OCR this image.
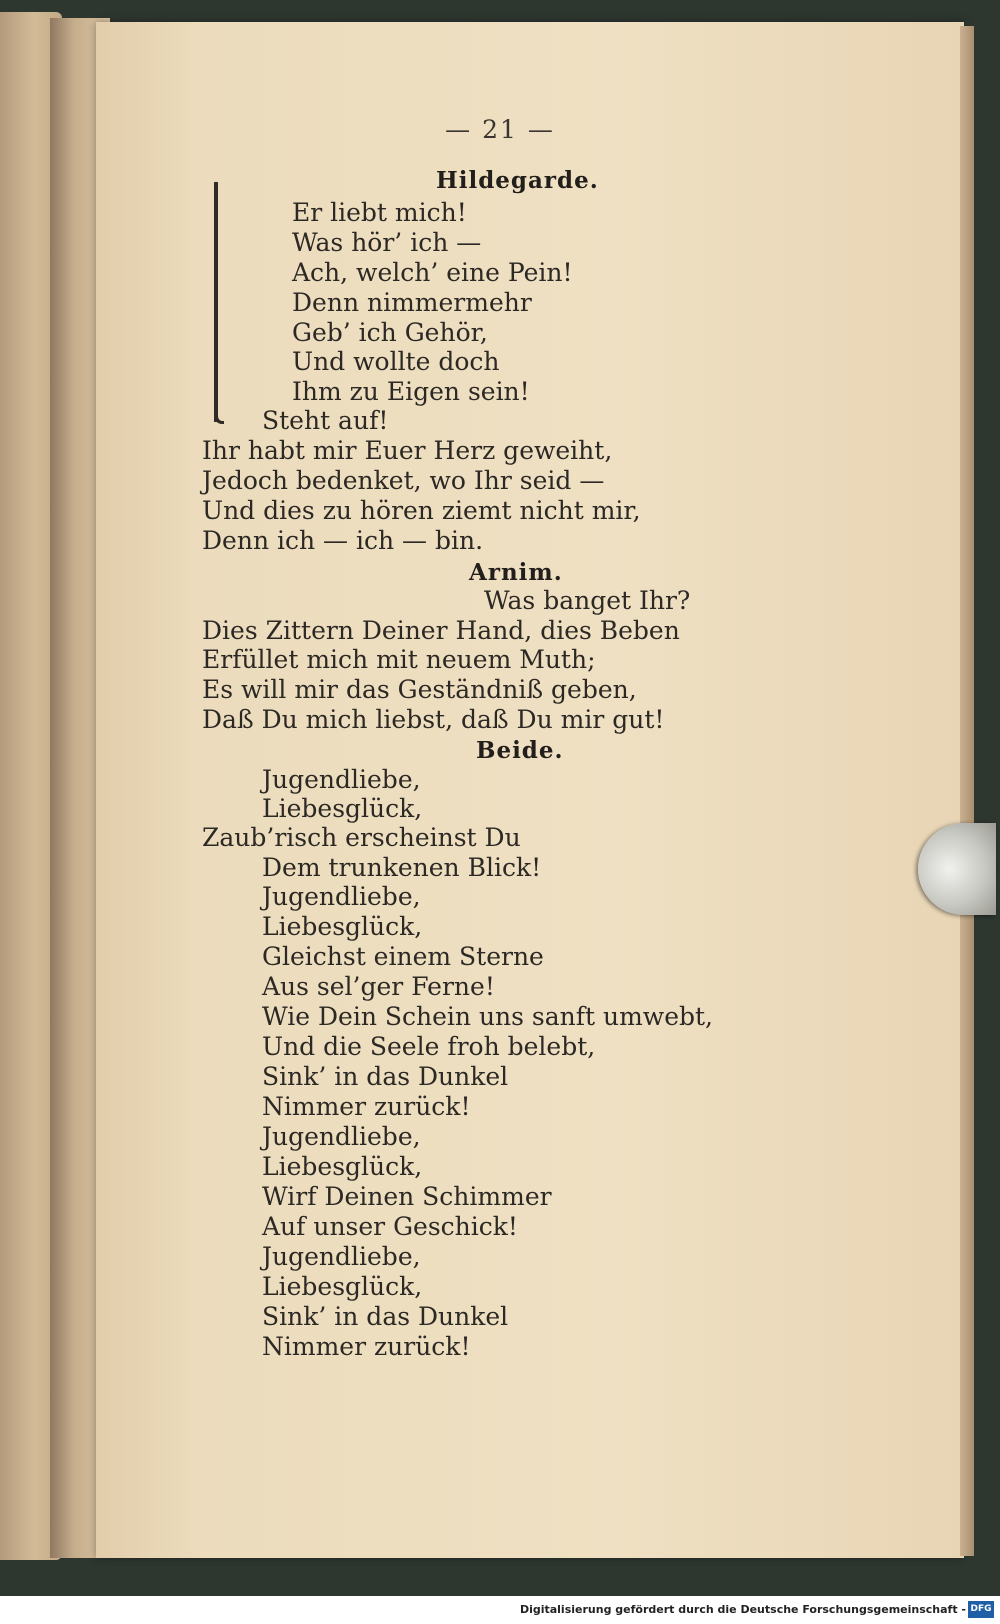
— 21 —
Hildegarde.
Er liebt mich!
Was hör’ ich —
Ach, welch’ eine Pein!
Denn nimmermehr
Geb’ ich Gehör,
Und wollte doch
Ihm zu Eigen sein!
Steht auf!
Ihr habt mir Euer Herz geweiht,
Jedoch bedenket, wo Ihr seid —
Und dies zu hören ziemt nicht mir,
Denn ich — ich — bin.
Arnim.
Was banget Ihr?
Dies Zittern Deiner Hand, dies Beben
Erfüllet mich mit neuem Muth;
Es will mir das Geständniß geben,
Daß Du mich liebst, daß Du mir gut!
Beide.
Jugendliebe,
Liebesglück,
Zaub’risch erscheinst Du
Dem trunkenen Blick!
Jugendliebe,
Liebesglück,
Gleichst einem Sterne
Aus sel’ger Ferne!
Wie Dein Schein uns sanft umwebt,
Und die Seele froh belebt,
Sink’ in das Dunkel
Nimmer zurück!
Jugendliebe,
Liebesglück,
Wirf Deinen Schimmer
Auf unser Geschick!
Jugendliebe,
Liebesglück,
Sink’ in das Dunkel
Nimmer zurück!
Digitalisierung gefördert durch die Deutsche Forschungsgemeinschaft - DFG
